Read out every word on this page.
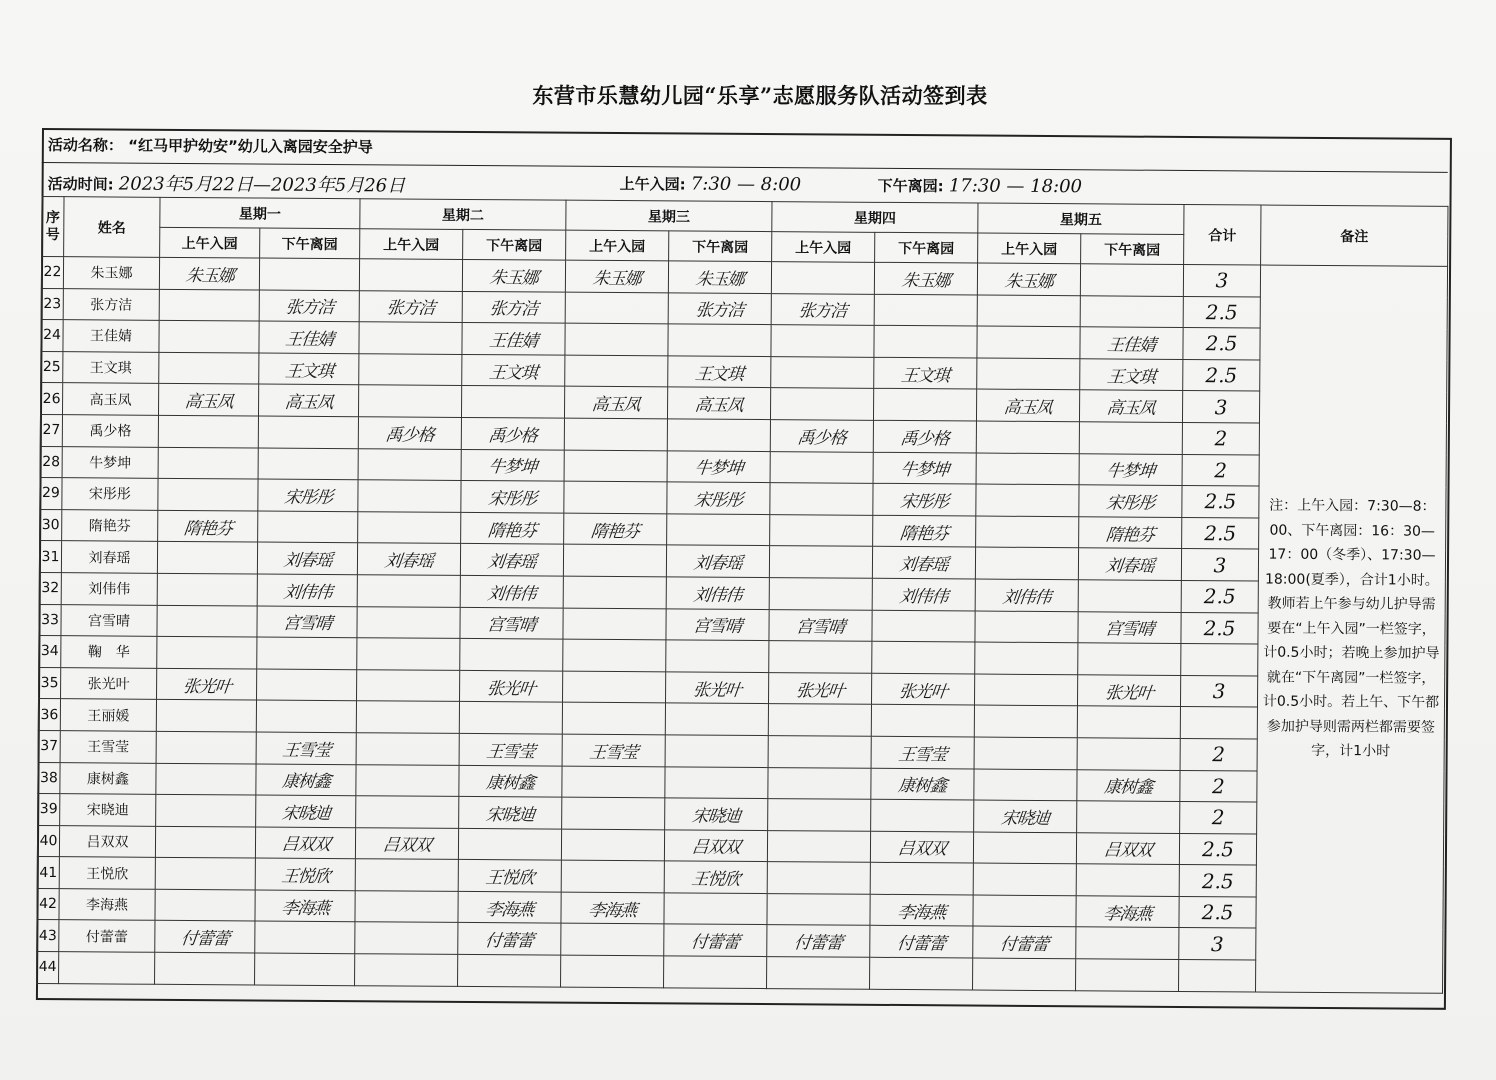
东营市乐慧幼儿园“乐享”志愿服务队活动签到表
活动名称： “红马甲护幼安”幼儿入离园安全护导
活动时间: 2023年5月22日—2023年5月26日	上午入园: 7:30 — 8:00	下午离园: 17:30 — 18:00
序号	姓名	星期一		星期二		星期三		星期四		星期五		合计	备注
		上午入园	下午离园	上午入园	下午离园	上午入园	下午离园	上午入园	下午离园	上午入园	下午离园		
22	朱玉娜	朱玉娜			朱玉娜	朱玉娜	朱玉娜		朱玉娜	朱玉娜		3	注：上午入园：7:30—8：00、下午离园：16：30—17：00（冬季）、17:30—18:00(夏季），合计1小时。教师若上午参与幼儿护导需要在“上午入园”一栏签字，计0.5小时；若晚上参加护导就在“下午离园”一栏签字，计0.5小时。若上午、下午都参加护导则需两栏都需要签字，计1小时
23	张方洁		张方洁	张方洁	张方洁		张方洁	张方洁				2.5	
24	王佳婧		王佳婧		王佳婧						王佳婧	2.5	
25	王文琪		王文琪		王文琪		王文琪		王文琪		王文琪	2.5	
26	高玉凤	高玉凤	高玉凤			高玉凤	高玉凤			高玉凤	高玉凤	3	
27	禹少格			禹少格	禹少格			禹少格	禹少格			2	
28	牛梦坤				牛梦坤		牛梦坤		牛梦坤		牛梦坤	2	
29	宋彤彤		宋彤彤		宋彤彤		宋彤彤		宋彤彤		宋彤彤	2.5	
30	隋艳芬	隋艳芬			隋艳芬	隋艳芬			隋艳芬		隋艳芬	2.5	
31	刘春瑶		刘春瑶	刘春瑶	刘春瑶		刘春瑶		刘春瑶		刘春瑶	3	
32	刘伟伟		刘伟伟		刘伟伟		刘伟伟		刘伟伟	刘伟伟		2.5	
33	宫雪晴		宫雪晴		宫雪晴		宫雪晴	宫雪晴			宫雪晴	2.5	
34	鞠　华												
35	张光叶	张光叶			张光叶		张光叶	张光叶	张光叶		张光叶	3	
36	王丽媛												
37	王雪莹		王雪莹		王雪莹	王雪莹			王雪莹			2	
38	康树鑫		康树鑫		康树鑫				康树鑫		康树鑫	2	
39	宋晓迪		宋晓迪		宋晓迪		宋晓迪			宋晓迪		2	
40	吕双双		吕双双	吕双双			吕双双		吕双双		吕双双	2.5	
41	王悦欣		王悦欣		王悦欣		王悦欣					2.5	
42	李海燕		李海燕		李海燕	李海燕			李海燕		李海燕	2.5	
43	付蕾蕾	付蕾蕾			付蕾蕾		付蕾蕾	付蕾蕾	付蕾蕾	付蕾蕾		3	
44													
